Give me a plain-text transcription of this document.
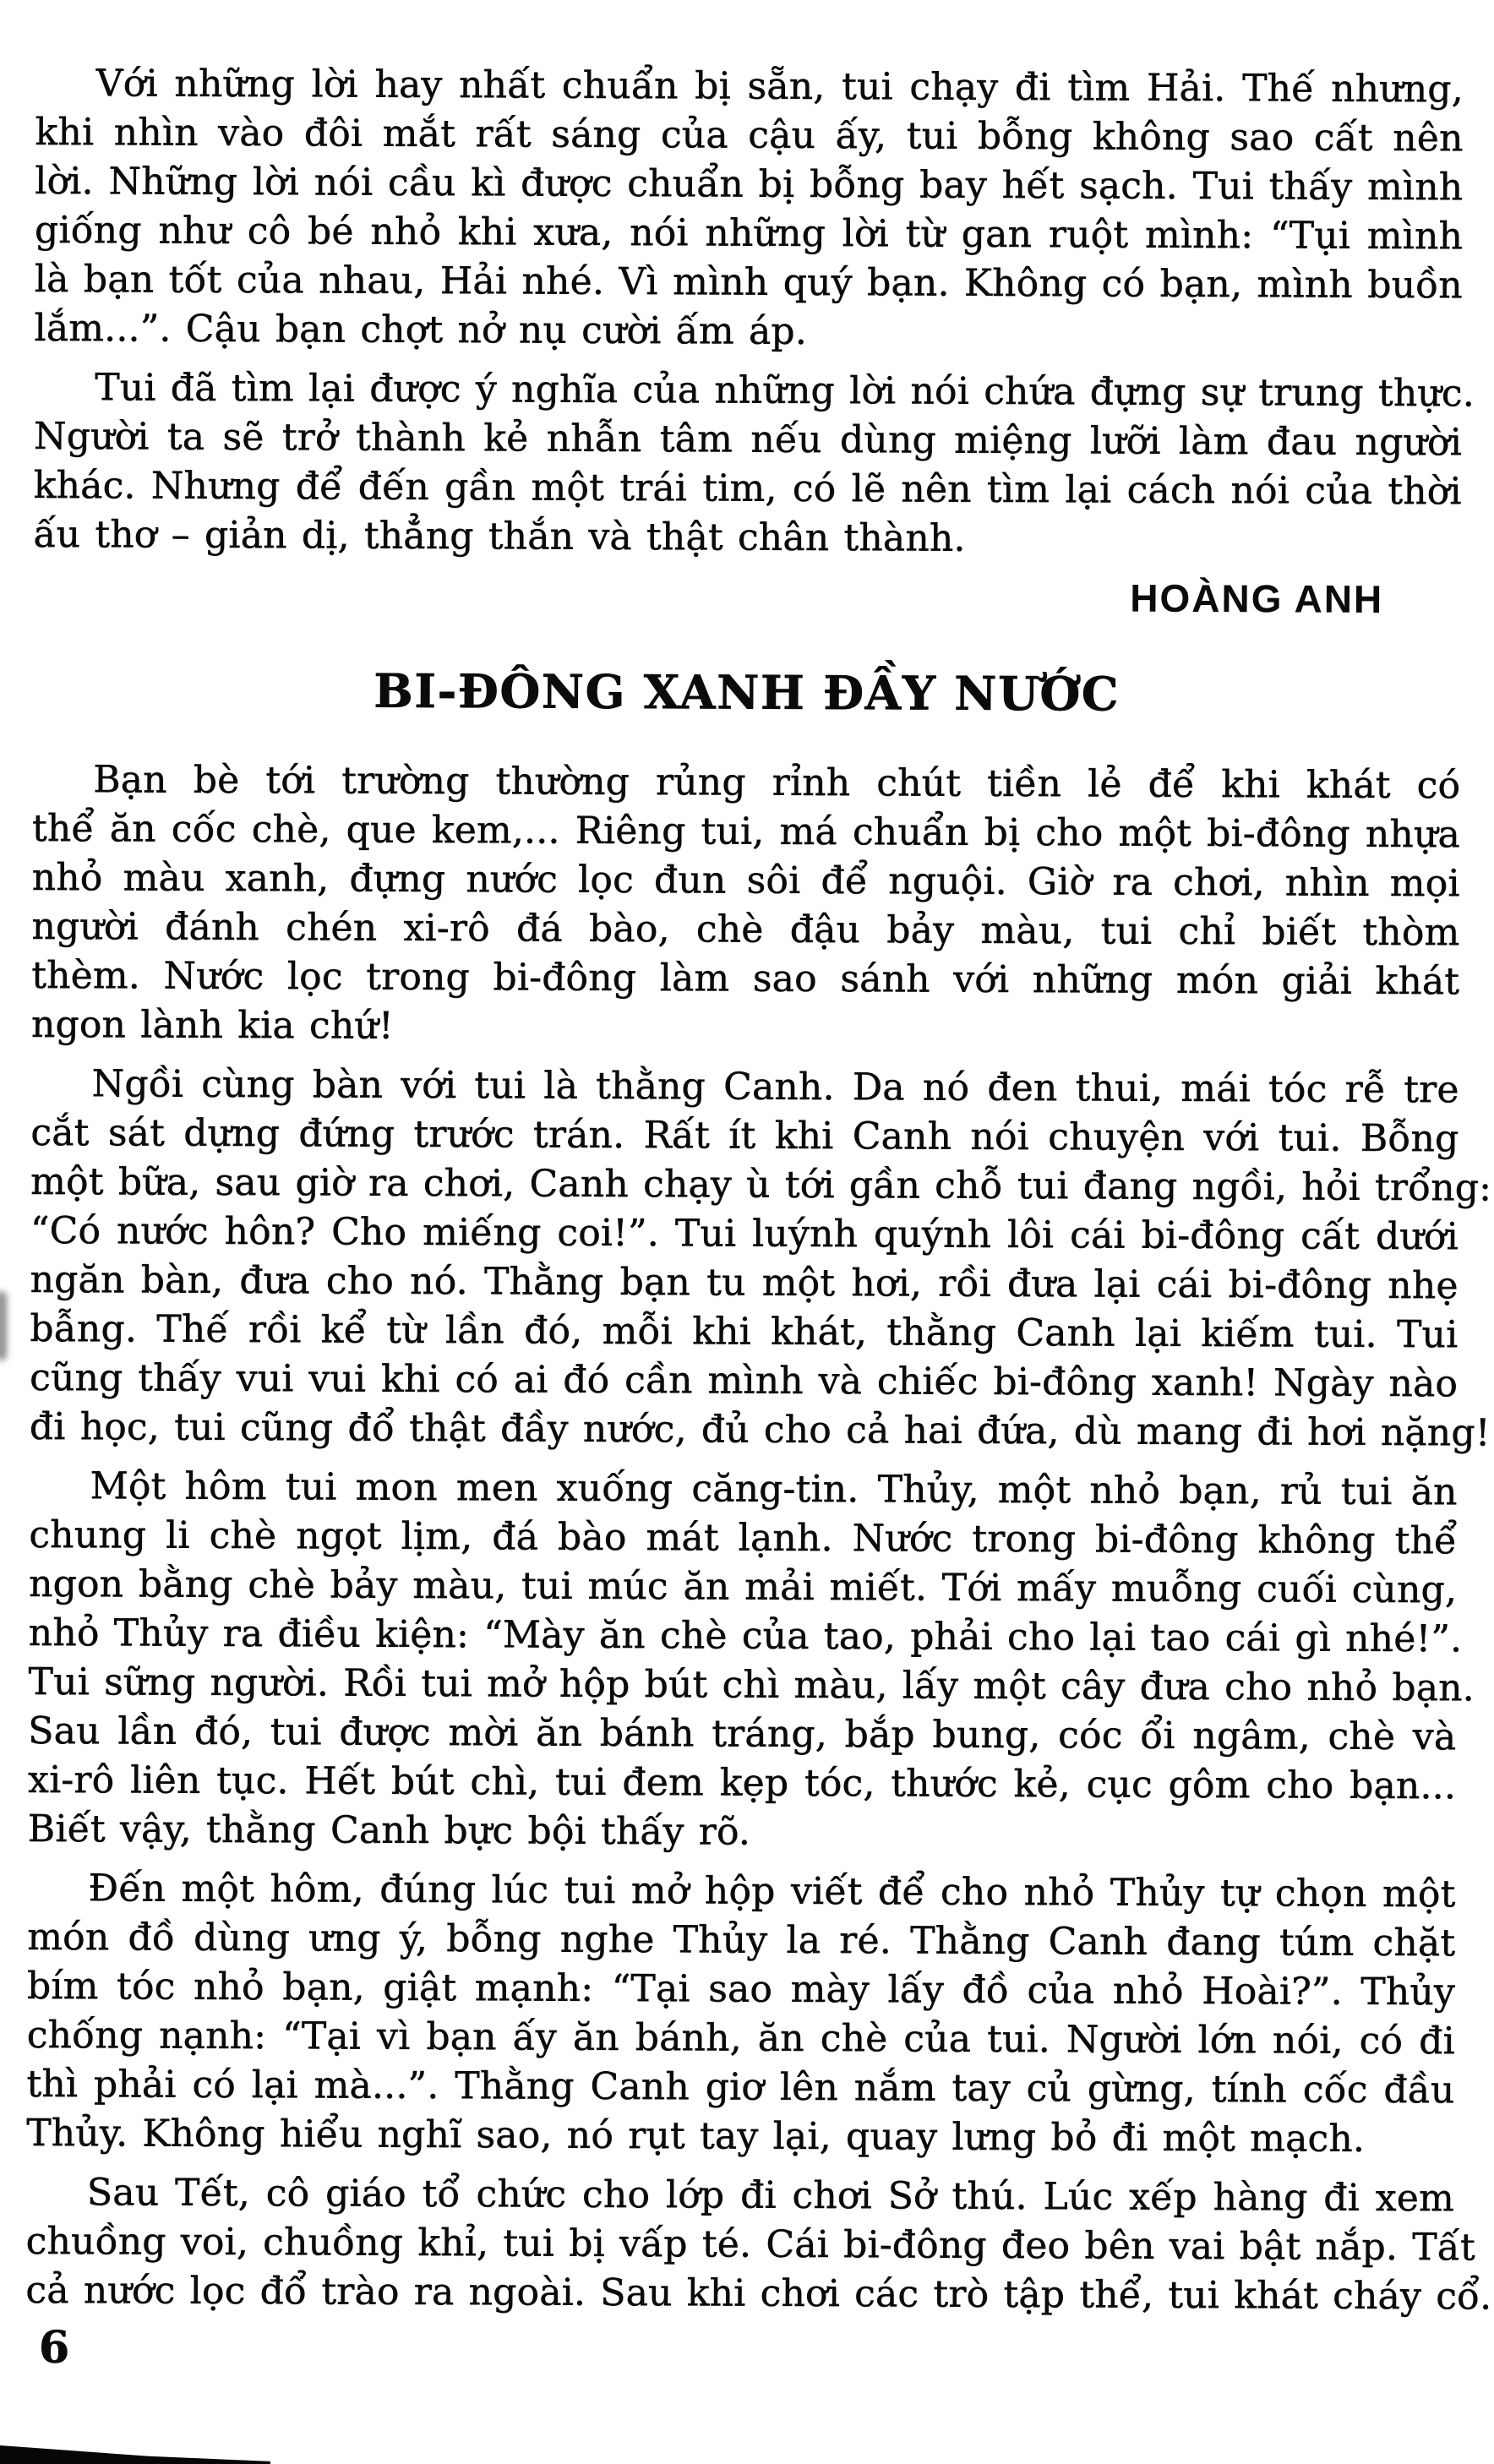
Với những lời hay nhất chuẩn bị sẵn, tui chạy đi tìm Hải. Thế nhưng,
khi nhìn vào đôi mắt rất sáng của cậu ấy, tui bỗng không sao cất nên
lời. Những lời nói cầu kì được chuẩn bị bỗng bay hết sạch. Tui thấy mình
giống như cô bé nhỏ khi xưa, nói những lời từ gan ruột mình: “Tụi mình
là bạn tốt của nhau, Hải nhé. Vì mình quý bạn. Không có bạn, mình buồn
lắm...”. Cậu bạn chợt nở nụ cười ấm áp.
Tui đã tìm lại được ý nghĩa của những lời nói chứa đựng sự trung thực.
Người ta sẽ trở thành kẻ nhẫn tâm nếu dùng miệng lưỡi làm đau người
khác. Nhưng để đến gần một trái tim, có lẽ nên tìm lại cách nói của thời
ấu thơ – giản dị, thẳng thắn và thật chân thành.
HOÀNG ANH
BI-ĐÔNG XANH ĐẦY NƯỚC
Bạn bè tới trường thường rủng rỉnh chút tiền lẻ để khi khát có
thể ăn cốc chè, que kem,... Riêng tui, má chuẩn bị cho một bi-đông nhựa
nhỏ màu xanh, đựng nước lọc đun sôi để nguội. Giờ ra chơi, nhìn mọi
người đánh chén xi-rô đá bào, chè đậu bảy màu, tui chỉ biết thòm
thèm. Nước lọc trong bi-đông làm sao sánh với những món giải khát
ngon lành kia chứ!
Ngồi cùng bàn với tui là thằng Canh. Da nó đen thui, mái tóc rễ tre
cắt sát dựng đứng trước trán. Rất ít khi Canh nói chuyện với tui. Bỗng
một bữa, sau giờ ra chơi, Canh chạy ù tới gần chỗ tui đang ngồi, hỏi trổng:
“Có nước hôn? Cho miếng coi!”. Tui luýnh quýnh lôi cái bi-đông cất dưới
ngăn bàn, đưa cho nó. Thằng bạn tu một hơi, rồi đưa lại cái bi-đông nhẹ
bẫng. Thế rồi kể từ lần đó, mỗi khi khát, thằng Canh lại kiếm tui. Tui
cũng thấy vui vui khi có ai đó cần mình và chiếc bi-đông xanh! Ngày nào
đi học, tui cũng đổ thật đầy nước, đủ cho cả hai đứa, dù mang đi hơi nặng!
Một hôm tui mon men xuống căng-tin. Thủy, một nhỏ bạn, rủ tui ăn
chung li chè ngọt lịm, đá bào mát lạnh. Nước trong bi-đông không thể
ngon bằng chè bảy màu, tui múc ăn mải miết. Tới mấy muỗng cuối cùng,
nhỏ Thủy ra điều kiện: “Mày ăn chè của tao, phải cho lại tao cái gì nhé!”.
Tui sững người. Rồi tui mở hộp bút chì màu, lấy một cây đưa cho nhỏ bạn.
Sau lần đó, tui được mời ăn bánh tráng, bắp bung, cóc ổi ngâm, chè và
xi-rô liên tục. Hết bút chì, tui đem kẹp tóc, thước kẻ, cục gôm cho bạn...
Biết vậy, thằng Canh bực bội thấy rõ.
Đến một hôm, đúng lúc tui mở hộp viết để cho nhỏ Thủy tự chọn một
món đồ dùng ưng ý, bỗng nghe Thủy la ré. Thằng Canh đang túm chặt
bím tóc nhỏ bạn, giật mạnh: “Tại sao mày lấy đồ của nhỏ Hoài?”. Thủy
chống nạnh: “Tại vì bạn ấy ăn bánh, ăn chè của tui. Người lớn nói, có đi
thì phải có lại mà...”. Thằng Canh giơ lên nắm tay củ gừng, tính cốc đầu
Thủy. Không hiểu nghĩ sao, nó rụt tay lại, quay lưng bỏ đi một mạch.
Sau Tết, cô giáo tổ chức cho lớp đi chơi Sở thú. Lúc xếp hàng đi xem
chuồng voi, chuồng khỉ, tui bị vấp té. Cái bi-đông đeo bên vai bật nắp. Tất
cả nước lọc đổ trào ra ngoài. Sau khi chơi các trò tập thể, tui khát cháy cổ.
6
